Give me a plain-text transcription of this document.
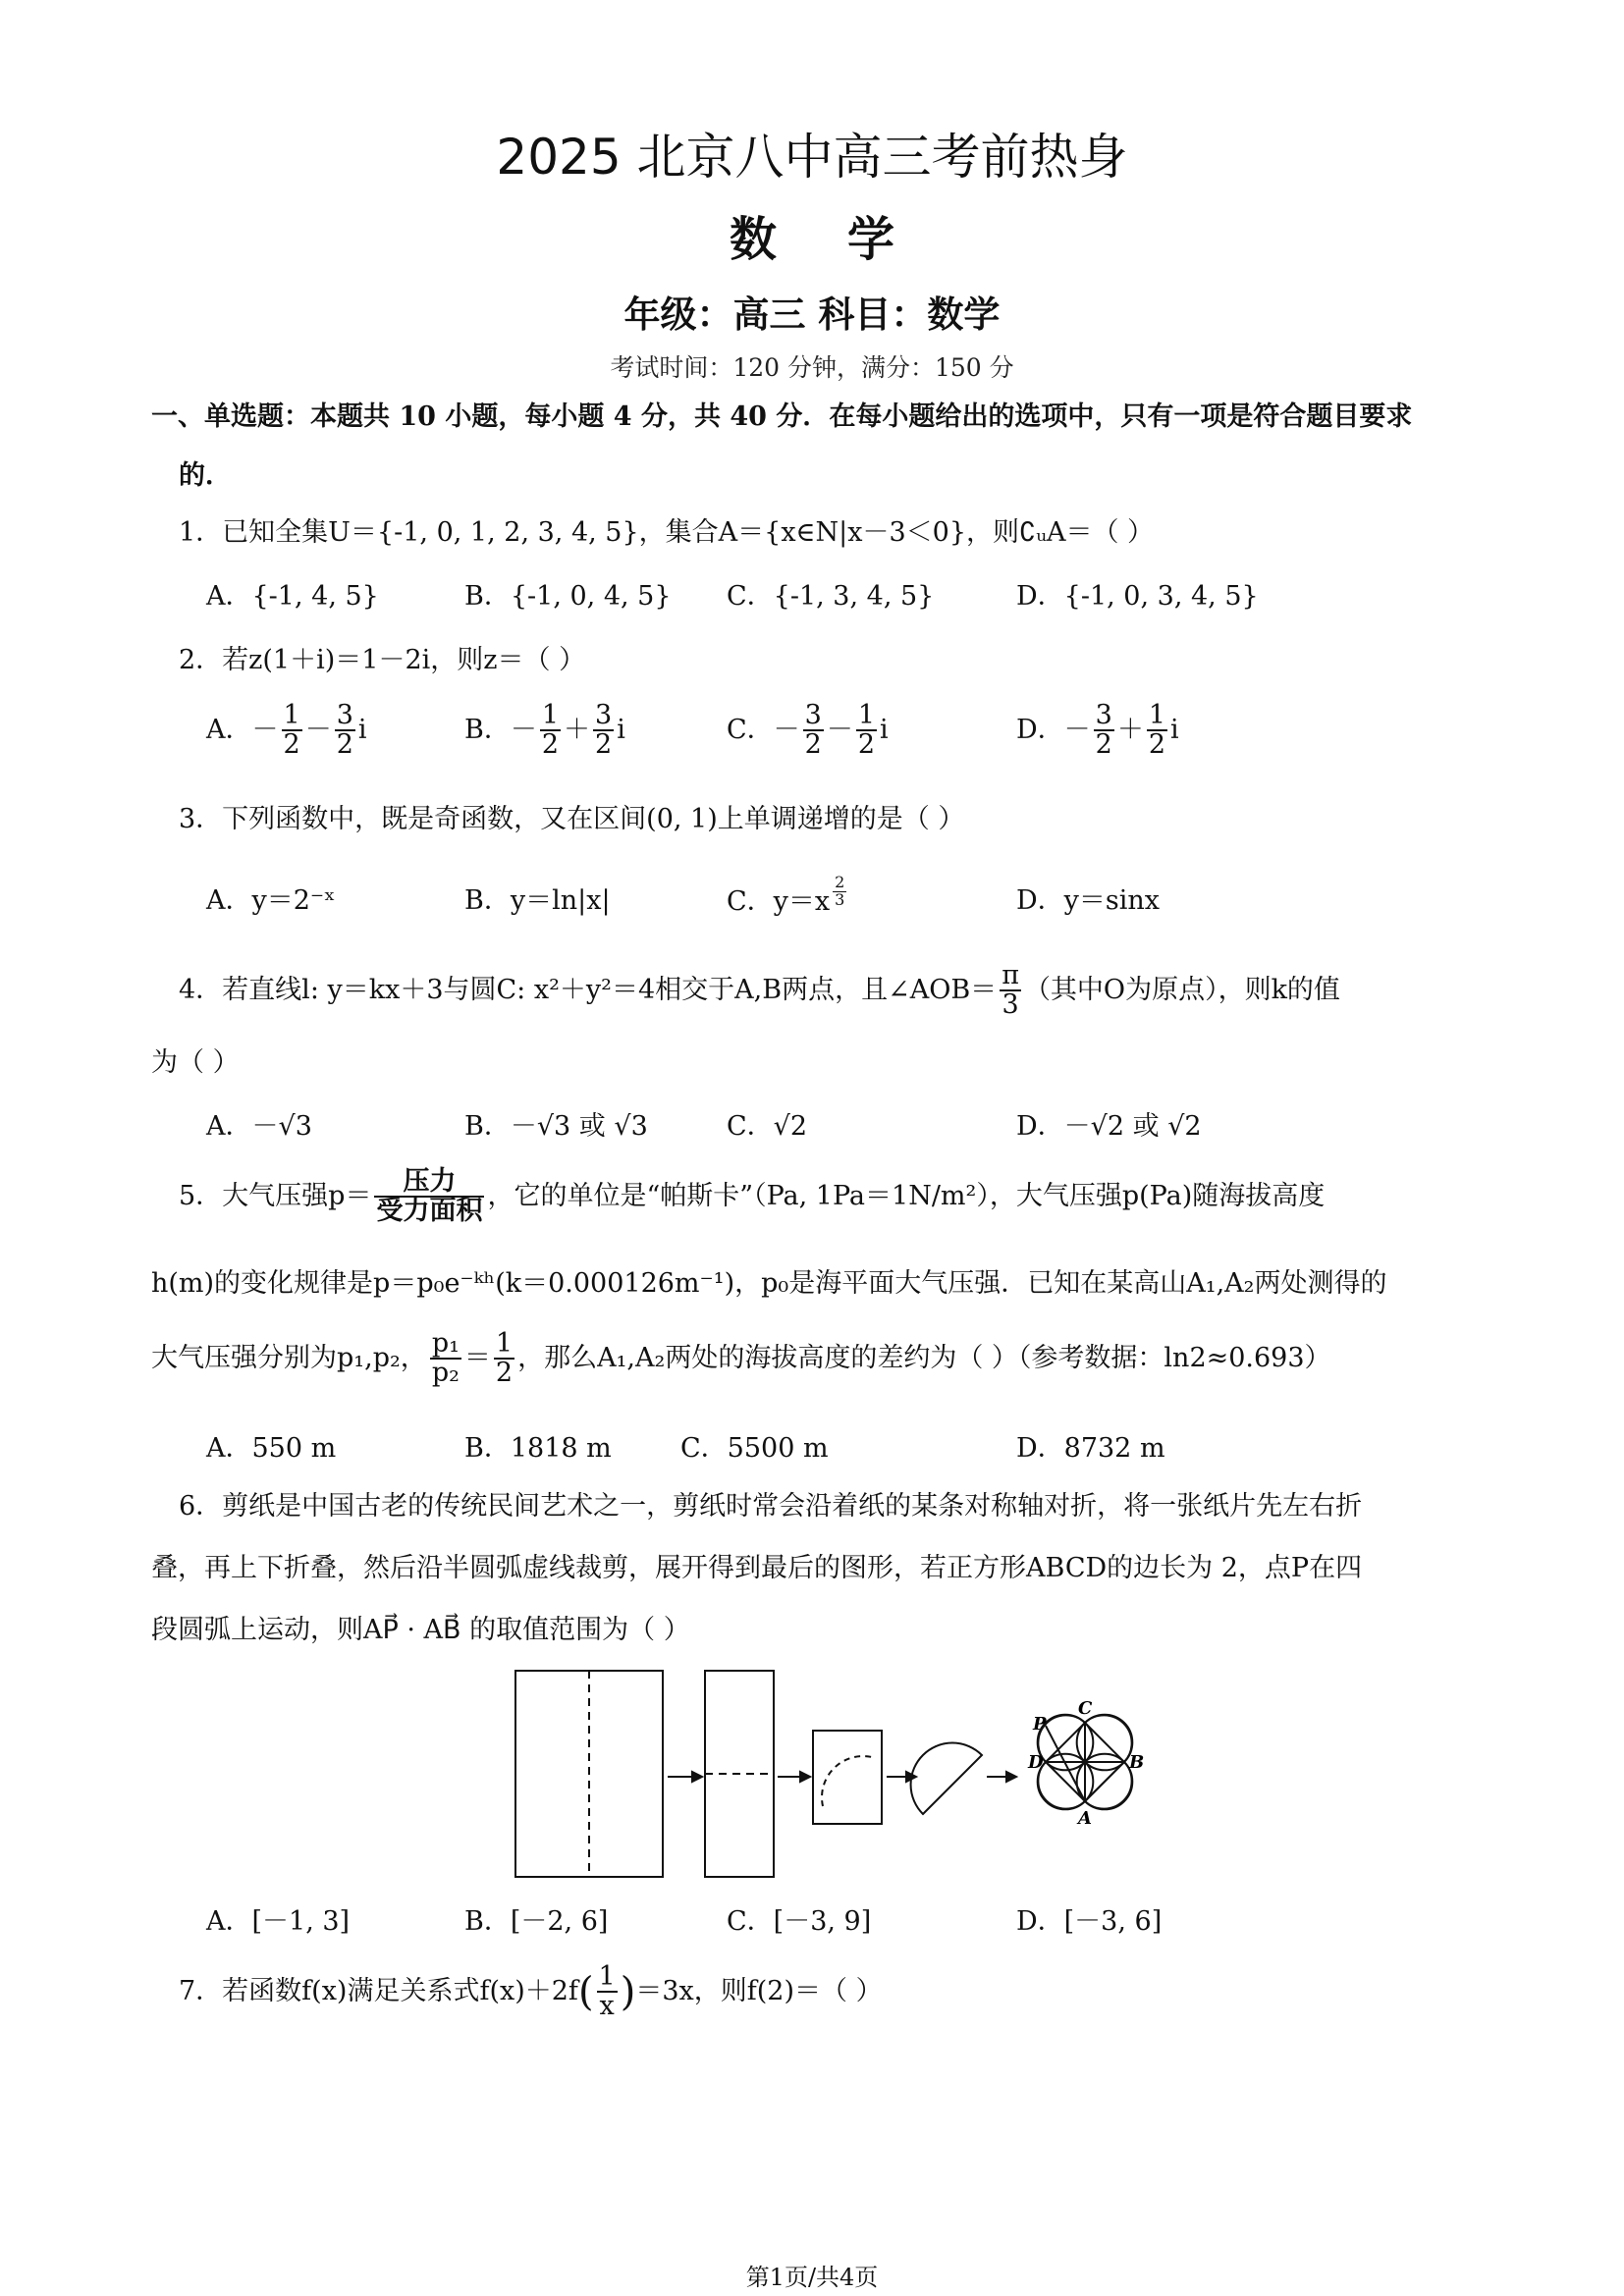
2025 北京八中高三考前热身
数学
年级：高三 科目：数学
考试时间：120 分钟，满分：150 分
一、单选题：本题共 10 小题，每小题 4 分，共 40 分．在每小题给出的选项中，只有一项是符合题目要求
的．
1．已知全集U＝{-1, 0, 1, 2, 3, 4, 5}，集合A＝{x∈N|x－3＜0}，则∁ᵤA＝（ ）
A．{-1, 4, 5}	B．{-1, 0, 4, 5} C．{-1, 3, 4, 5}	D．{-1, 0, 3, 4, 5}
2．若z(1＋i)＝1－2i，则z＝（ ）
A．－ $\frac{1}{2} - \frac{3}{2}$ i	B．－ $\frac{1}{2} + \frac{3}{2}$ i	C．－ $\frac{3}{2} - \frac{1}{2}$ i	D．－ $\frac{3}{2} + \frac{1}{2}$ i
3．下列函数中，既是奇函数，又在区间(0, 1)上单调递增的是（ ）
A．y＝2⁻ˣ	B．y＝ln|x|	C．y＝x $^{\frac{2}{3}}$	D．y＝sinx
4．若直线l: y＝kx＋3与圆C: x²＋y²＝4相交于A,B两点，且∠AOB＝ $\frac{\pi}{3}$ （其中O为原点），则k的值
为（ ）
A．－√3	B．－√3 或 √3	C．√2	D．－√2 或 √2
5．大气压强$p= \frac{\text{压力}}{\text{受力面积}}$ ，它的单位是“帕斯卡”（Pa, 1Pa＝1N/m²），大气压强p(Pa)随海拔高度
h(m)的变化规律是p＝p₀e⁻ᵏʰ(k＝0.000126m⁻¹)，p₀是海平面大气压强．已知在某高山A₁,A₂两处测得的
大气压强分别为p₁,p₂， $\frac{\text{p₁}}{\text{p₂}} = \frac{1}{2}$ ，那么A₁,A₂两处的海拔高度的差约为（ ）（参考数据：ln2≈0.693）
A．550 m	B．1818 m	C．5500 m	D．8732 m
6．剪纸是中国古老的传统民间艺术之一，剪纸时常会沿着纸的某条对称轴对折，将一张纸片先左右折
叠，再上下折叠，然后沿半圆弧虚线裁剪，展开得到最后的图形，若正方形ABCD的边长为 2，点P在四
段圆弧上运动，则AP⃗ · AB⃗ 的取值范围为（ ）
P
C
D	B
A
A．[－1, 3]	B．[－2, 6]	C．[－3, 9]	D．[－3, 6]
7．若函数f(x)满足关系式$f(x)+2f( \frac{1}{x} )=3x$，则f(2)＝（ ）
第1页/共4页
